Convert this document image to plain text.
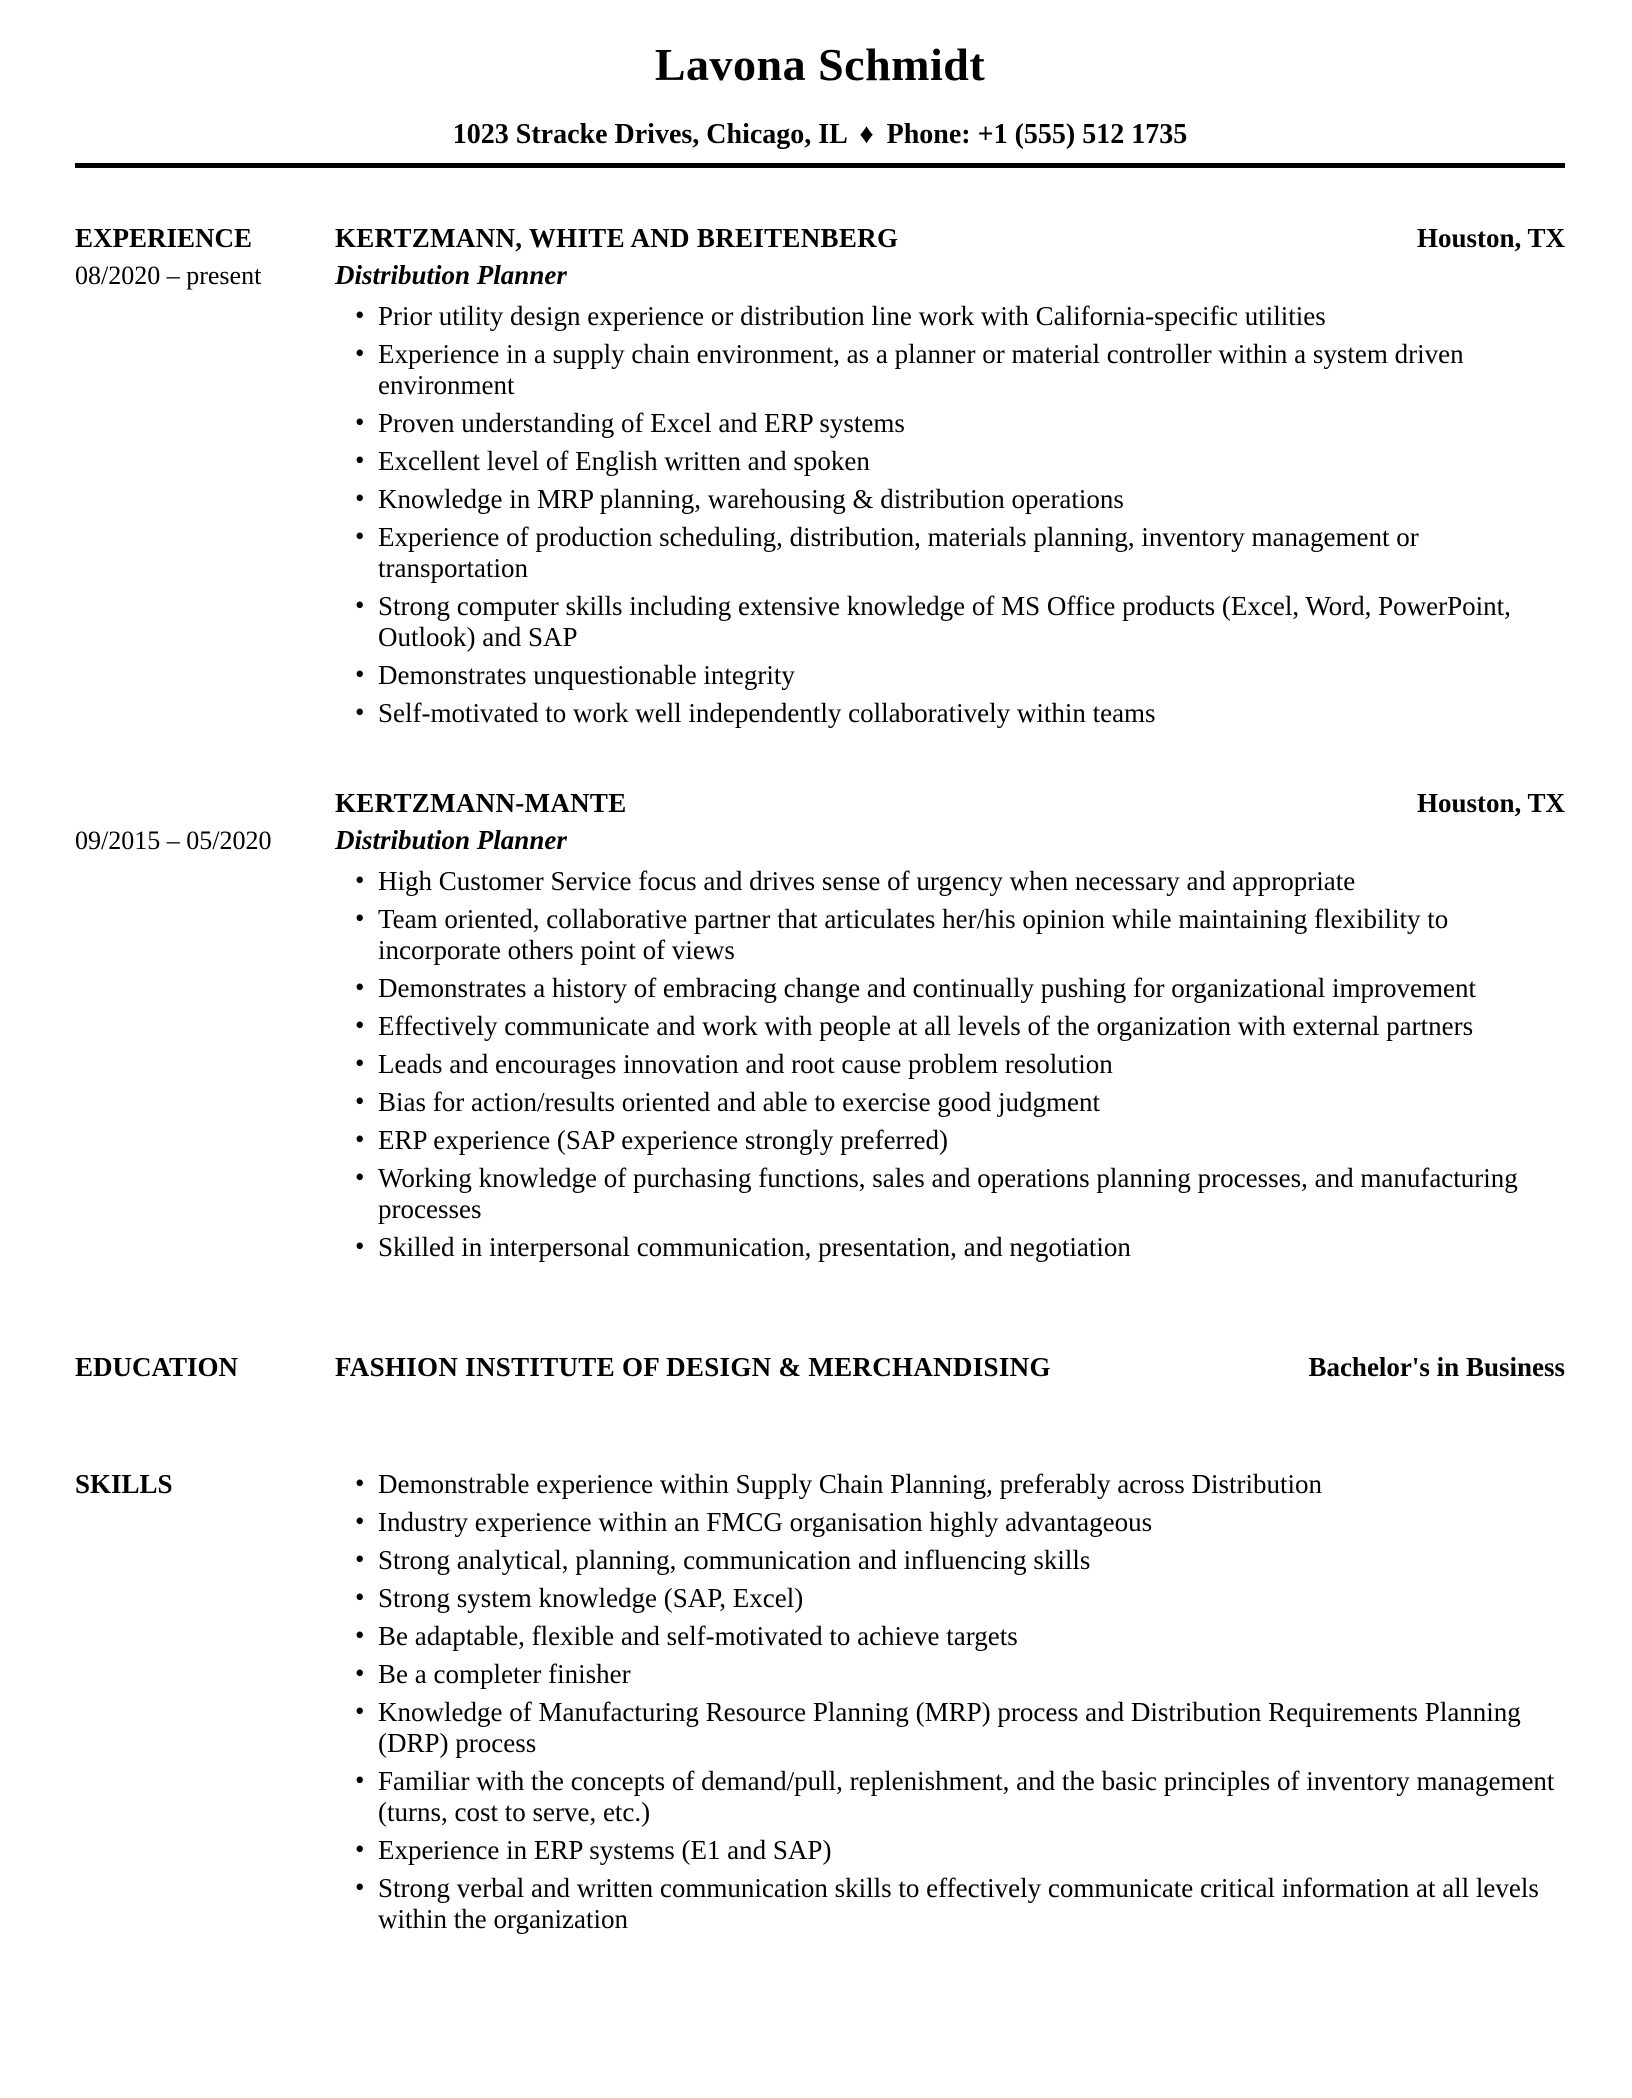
Lavona Schmidt
1023 Stracke Drives, Chicago, IL ♦ Phone: +1 (555) 512 1735
EXPERIENCE
08/2020 – present
KERTZMANN, WHITE AND BREITENBERG	Houston, TX
Distribution Planner
• Prior utility design experience or distribution line work with California-specific utilities
• Experience in a supply chain environment, as a planner or material controller within a system driven environment
• Proven understanding of Excel and ERP systems
• Excellent level of English written and spoken
• Knowledge in MRP planning, warehousing & distribution operations
• Experience of production scheduling, distribution, materials planning, inventory management or transportation
• Strong computer skills including extensive knowledge of MS Office products (Excel, Word, PowerPoint, Outlook) and SAP
• Demonstrates unquestionable integrity
• Self-motivated to work well independently collaboratively within teams
09/2015 – 05/2020
KERTZMANN-MANTE	Houston, TX
Distribution Planner
• High Customer Service focus and drives sense of urgency when necessary and appropriate
• Team oriented, collaborative partner that articulates her/his opinion while maintaining flexibility to incorporate others point of views
• Demonstrates a history of embracing change and continually pushing for organizational improvement
• Effectively communicate and work with people at all levels of the organization with external partners
• Leads and encourages innovation and root cause problem resolution
• Bias for action/results oriented and able to exercise good judgment
• ERP experience (SAP experience strongly preferred)
• Working knowledge of purchasing functions, sales and operations planning processes, and manufacturing processes
• Skilled in interpersonal communication, presentation, and negotiation
EDUCATION	FASHION INSTITUTE OF DESIGN & MERCHANDISING	Bachelor's in Business
SKILLS	• Demonstrable experience within Supply Chain Planning, preferably across Distribution
• Industry experience within an FMCG organisation highly advantageous
• Strong analytical, planning, communication and influencing skills
• Strong system knowledge (SAP, Excel)
• Be adaptable, flexible and self-motivated to achieve targets
• Be a completer finisher
• Knowledge of Manufacturing Resource Planning (MRP) process and Distribution Requirements Planning (DRP) process
• Familiar with the concepts of demand/pull, replenishment, and the basic principles of inventory management (turns, cost to serve, etc.)
• Experience in ERP systems (E1 and SAP)
• Strong verbal and written communication skills to effectively communicate critical information at all levels within the organization
